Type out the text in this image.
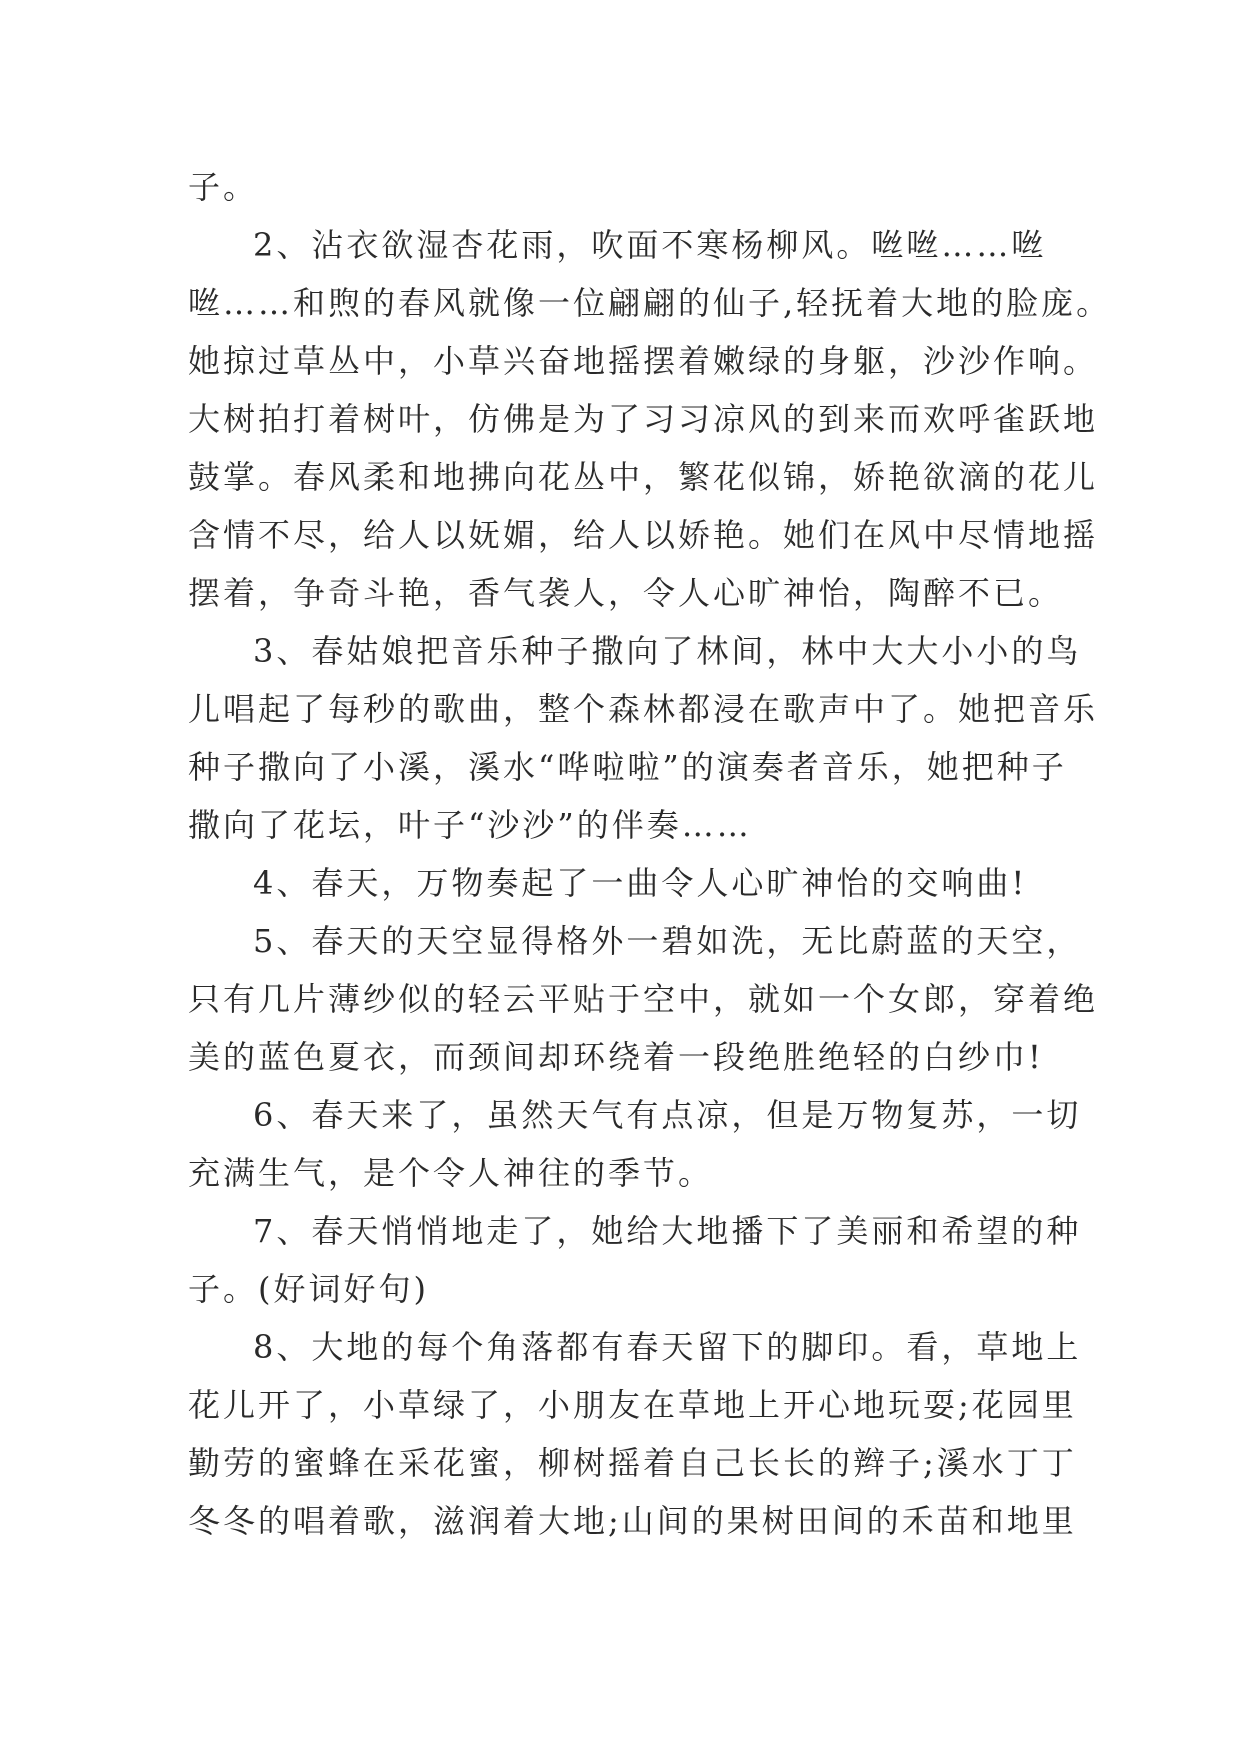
子。
2、沾衣欲湿杏花雨，吹面不寒杨柳风。咝咝……咝
咝……和煦的春风就像一位翩翩的仙子,轻抚着大地的脸庞。
她掠过草丛中，小草兴奋地摇摆着嫩绿的身躯，沙沙作响。
大树拍打着树叶，仿佛是为了习习凉风的到来而欢呼雀跃地
鼓掌。春风柔和地拂向花丛中，繁花似锦，娇艳欲滴的花儿
含情不尽，给人以妩媚，给人以娇艳。她们在风中尽情地摇
摆着，争奇斗艳，香气袭人，令人心旷神怡，陶醉不已。
3、春姑娘把音乐种子撒向了林间，林中大大小小的鸟
儿唱起了每秒的歌曲，整个森林都浸在歌声中了。她把音乐
种子撒向了小溪，溪水“哗啦啦”的演奏者音乐，她把种子
撒向了花坛，叶子“沙沙”的伴奏……
4、春天，万物奏起了一曲令人心旷神怡的交响曲!
5、春天的天空显得格外一碧如洗，无比蔚蓝的天空，
只有几片薄纱似的轻云平贴于空中，就如一个女郎，穿着绝
美的蓝色夏衣，而颈间却环绕着一段绝胜绝轻的白纱巾!
6、春天来了，虽然天气有点凉，但是万物复苏，一切
充满生气，是个令人神往的季节。
7、春天悄悄地走了，她给大地播下了美丽和希望的种
子。(好词好句)
8、大地的每个角落都有春天留下的脚印。看，草地上
花儿开了，小草绿了，小朋友在草地上开心地玩耍;花园里
勤劳的蜜蜂在采花蜜，柳树摇着自己长长的辫子;溪水丁丁
冬冬的唱着歌，滋润着大地;山间的果树田间的禾苗和地里
